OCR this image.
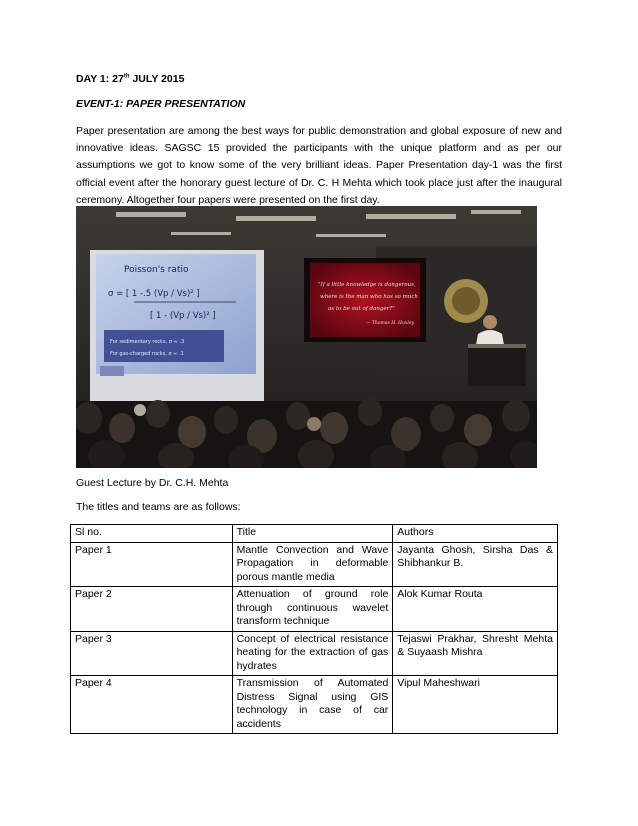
DAY 1: 27th JULY 2015

EVENT-1: PAPER PRESENTATION

Paper presentation are among the best ways for public demonstration and global exposure of new and innovative ideas. SAGSC 15 provided the participants with the unique platform and as per our assumptions we got to know some of the very brilliant ideas. Paper Presentation day-1 was the first official event after the honorary guest lecture of Dr. C. H Mehta which took place just after the inaugural ceremony. Altogether four papers were presented on the first day.

Poisson's ratio
σ = [ 1 -.5 (Vp / Vs)² ]
[ 1 - (Vp / Vs)² ]
For sedimentary rocks, σ ≈ .3
For gas-charged rocks, σ ≈ .1
"If a little knowledge is dangerous,
where is the man who has so much
as to be out of danger?"
— Thomas H. Huxley

Guest Lecture by Dr. C.H. Mehta

The titles and teams are as follows:

Sl no.	Title	Authors
Paper 1	Mantle Convection and Wave Propagation in deformable porous mantle media	Jayanta Ghosh, Sirsha Das & Shibhankur B.
Paper 2	Attenuation of ground role through continuous wavelet transform technique	Alok Kumar Routa
Paper 3	Concept of electrical resistance heating for the extraction of gas hydrates	Tejaswi Prakhar, Shresht Mehta & Suyaash Mishra
Paper 4	Transmission of Automated Distress Signal using GIS technology in case of car accidents	Vipul Maheshwari
